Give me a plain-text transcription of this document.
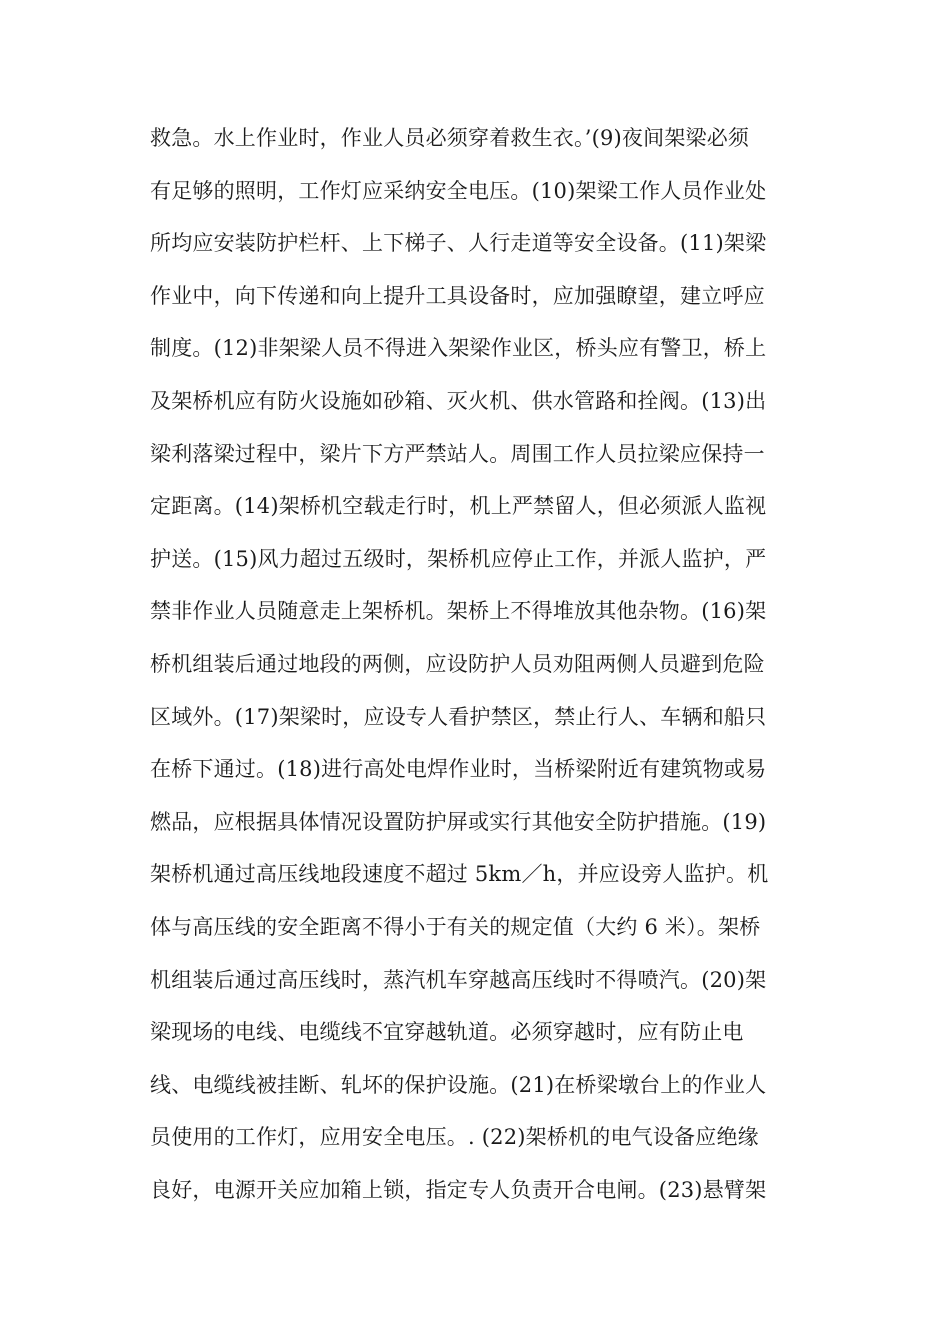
救急。水上作业时，作业人员必须穿着救生衣。’(9)夜间架梁必须
有足够的照明，工作灯应采纳安全电压。(10)架梁工作人员作业处
所均应安装防护栏杆、上下梯子、人行走道等安全设备。(11)架梁
作业中，向下传递和向上提升工具设备时，应加强瞭望，建立呼应
制度。(12)非架梁人员不得进入架梁作业区，桥头应有警卫，桥上
及架桥机应有防火设施如砂箱、灭火机、供水管路和拴阀。(13)出
梁利落梁过程中，梁片下方严禁站人。周围工作人员拉梁应保持一
定距离。(14)架桥机空载走行时，机上严禁留人，但必须派人监视
护送。(15)风力超过五级时，架桥机应停止工作，并派人监护，严
禁非作业人员随意走上架桥机。架桥上不得堆放其他杂物。(16)架
桥机组装后通过地段的两侧，应设防护人员劝阻两侧人员避到危险
区域外。(17)架梁时，应设专人看护禁区，禁止行人、车辆和船只
在桥下通过。(18)进行高处电焊作业时，当桥梁附近有建筑物或易
燃品，应根据具体情况设置防护屏或实行其他安全防护措施。(19)
架桥机通过高压线地段速度不超过 5km／h，并应设旁人监护。机
体与高压线的安全距离不得小于有关的规定值（大约 6 米）。架桥
机组装后通过高压线时，蒸汽机车穿越高压线时不得喷汽。(20)架
梁现场的电线、电缆线不宜穿越轨道。必须穿越时，应有防止电
线、电缆线被挂断、轧坏的保护设施。(21)在桥梁墩台上的作业人
员使用的工作灯，应用安全电压。. (22)架桥机的电气设备应绝缘
良好，电源开关应加箱上锁，指定专人负责开合电闸。(23)悬臂架
